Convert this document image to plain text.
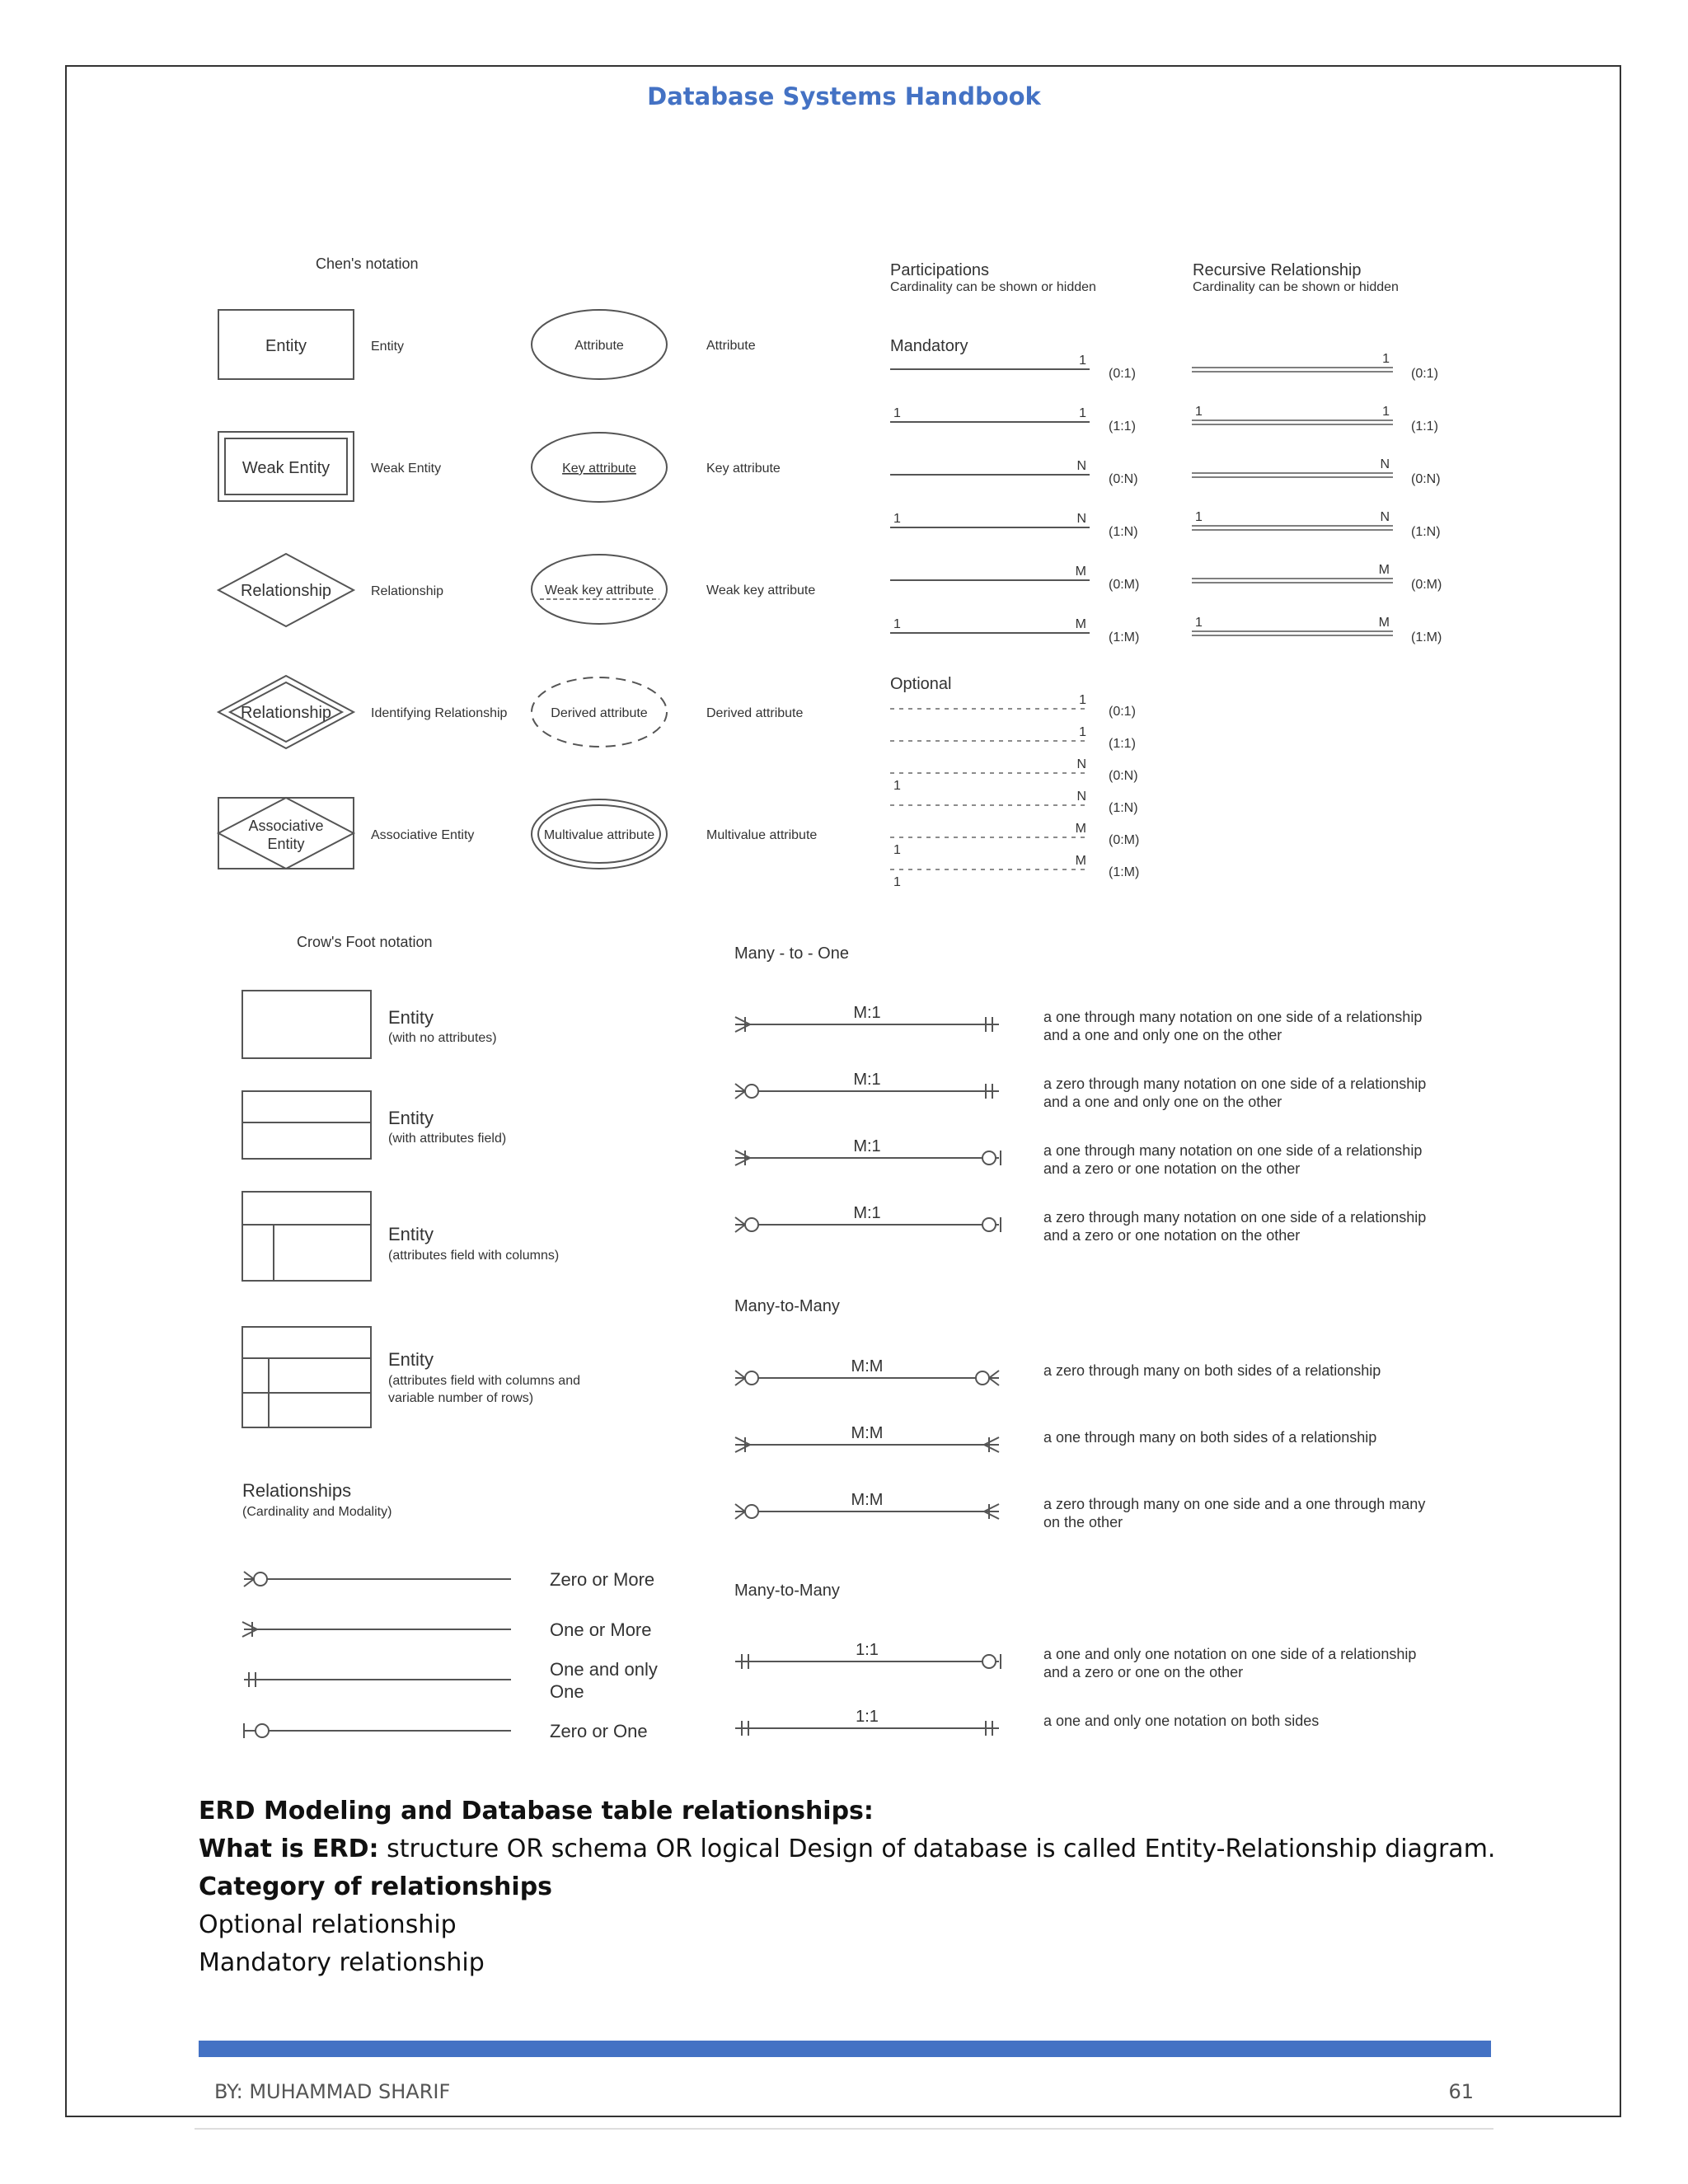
Database Systems Handbook
Chen's notation
Entity	Entity
Weak Entity	Weak Entity
Relationship	Relationship
Relationship	Identifying Relationship
Associative
Entity
Associative Entity
Attribute	Attribute
Key attribute	Key attribute
Weak key attribute	Weak key attribute
Derived attribute	Derived attribute
Multivalue attribute	Multivalue attribute
Participations
Cardinality can be shown or hidden
Mandatory
1
(0:1)
1	1
(1:1)
N
(0:N)
1	N
(1:N)
M
(0:M)
1	M
(1:M)
Optional
1
(0:1)
1
(1:1)
1
N
(0:N)
N
(1:N)
1
M
(0:M)
1
M
(1:M)
Recursive Relationship
Cardinality can be shown or hidden
1
(0:1)
1	1
(1:1)
N
(0:N)
1	N
(1:N)
M
(0:M)
1	M
(1:M)
Crow's Foot notation
Entity
(with no attributes)
Entity
(with attributes field)
Entity
(attributes field with columns)
Entity
(attributes field with columns and
variable number of rows)
Relationships
(Cardinality and Modality)
Zero or More
One or More
One and only
One
Zero or One
Many - to - One
M:1	a one through many notation on one side of a relationship
and a one and only one on the other
M:1	a zero through many notation on one side of a relationship
and a one and only one on the other
M:1	a one through many notation on one side of a relationship
and a zero or one notation on the other
M:1	a zero through many notation on one side of a relationship
and a zero or one notation on the other
Many-to-Many
M:M	a zero through many on both sides of a relationship
M:M	a one through many on both sides of a relationship
M:M	a zero through many on one side and a one through many
on the other
Many-to-Many
1:1	a one and only one notation on one side of a relationship
and a zero or one on the other
1:1	a one and only one notation on both sides
ERD Modeling and Database table relationships:
What is ERD: structure OR schema OR logical Design of database is called Entity-Relationship diagram.
Category of relationships
Optional relationship
Mandatory relationship
BY: MUHAMMAD SHARIF	61
